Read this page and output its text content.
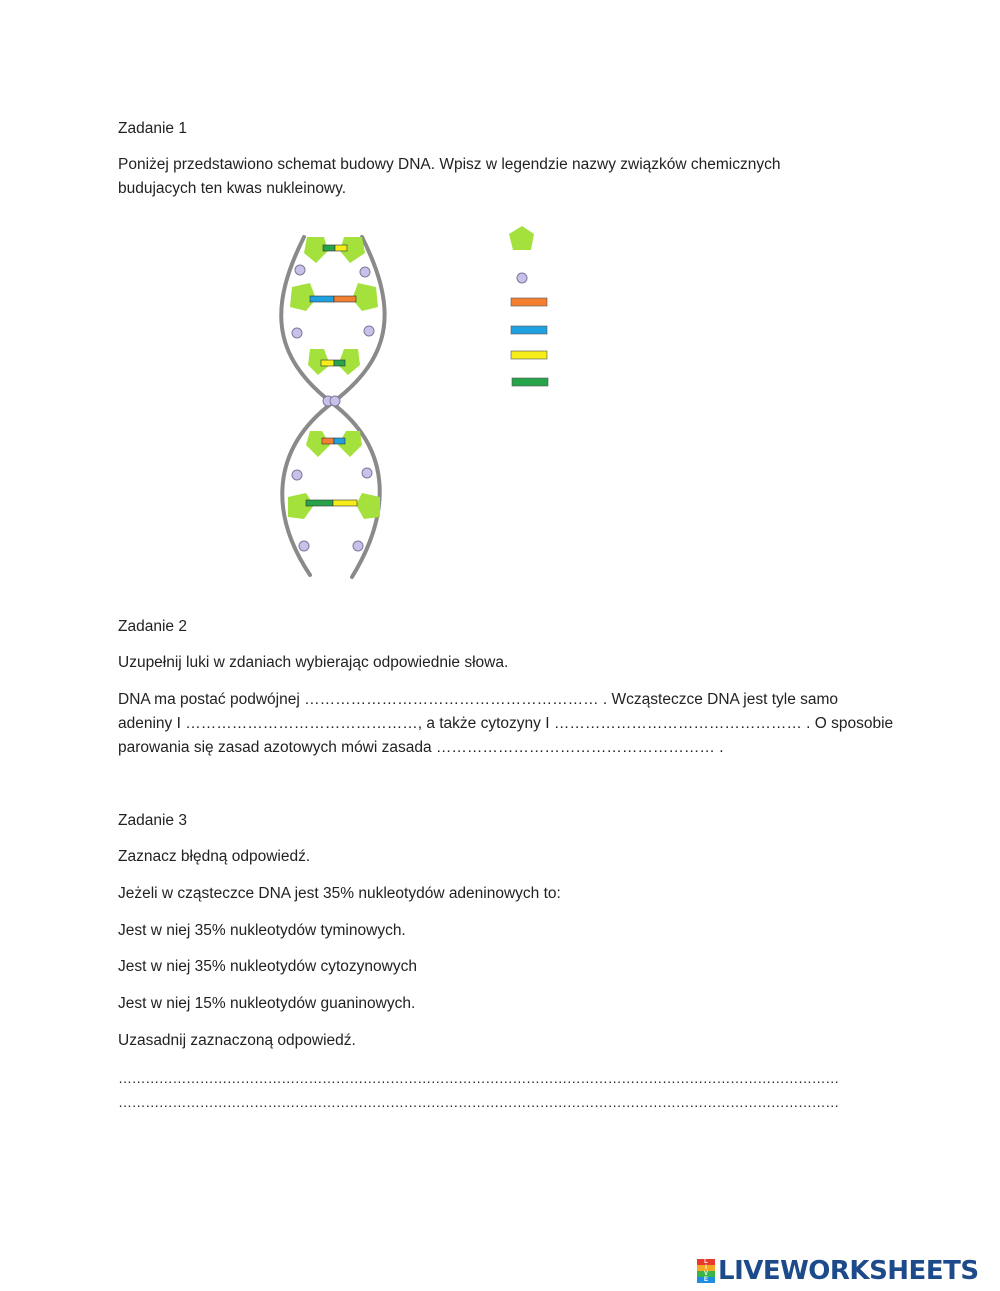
Zadanie 1

Poniżej przedstawiono schemat budowy DNA. Wpisz w legendzie nazwy związków chemicznych
budujacych ten kwas nukleinowy.

Zadanie 2

Uzupełnij luki w zdaniach wybierając odpowiednie słowa.

DNA ma postać podwójnej ………………………………………………… . Wcząsteczce DNA jest tyle samo
adeniny I ………………………………………, a także cytozyny I ………………………………………… . O sposobie
parowania się zasad azotowych mówi zasada ……………………………………………… .

Zadanie 3

Zaznacz błędną odpowiedź.

Jeżeli w cząsteczce DNA jest 35% nukleotydów adeninowych to:

Jest w niej 35% nukleotydów tyminowych.

Jest w niej 35% nukleotydów cytozynowych

Jest w niej 15% nukleotydów guaninowych.

Uzasadnij zaznaczoną odpowiedź.

……………………………………………………………………………………………………………………………………………
……………………………………………………………………………………………………………………………………………
L
I
V
E LIVEWORKSHEETS
